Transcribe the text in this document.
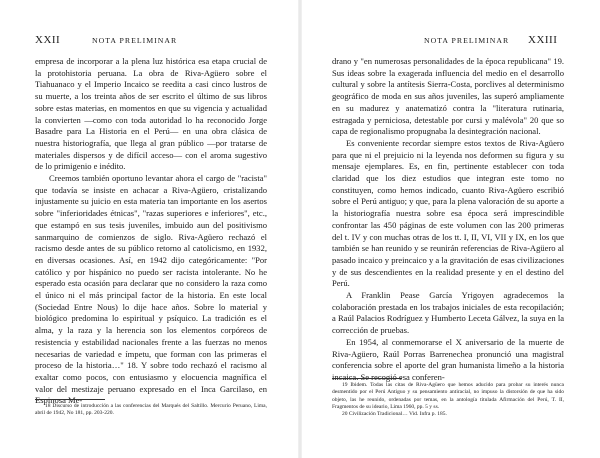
XXII	NOTA PRELIMINAR

empresa de incorporar a la plena luz histórica esa etapa crucial de la protohistoria peruana. La obra de Riva-Agüero sobre el Tiahuanaco y el Imperio Incaico se reedita a casi cinco lustros de su muerte, a los treinta años de ser escrito el último de sus libros sobre estas materias, en momentos en que su vigencia y actualidad la convierten —como con toda autoridad lo ha reconocido Jorge Basadre para La Historia en el Perú— en una obra clásica de nuestra historiografía, que llega al gran público —por tratarse de materiales dispersos y de difícil acceso— con el aroma sugestivo de lo primigenio e inédito.

Creemos también oportuno levantar ahora el cargo de "racista" que todavía se insiste en achacar a Riva-Agüero, cristalizando injustamente su juicio en esta materia tan importante en los asertos sobre "inferioridades étnicas", "razas superiores e inferiores", etc., que estampó en sus tesis juveniles, imbuido aun del positivismo sanmarquino de comienzos de siglo. Riva-Agüero rechazó el racismo desde antes de su público retorno al catolicismo, en 1932, en diversas ocasiones. Así, en 1942 dijo categóricamente: "Por católico y por hispánico no puedo ser racista intolerante. No he esperado esta ocasión para declarar que no considero la raza como el único ni el más principal factor de la historia. En este local (Sociedad Entre Nous) lo dije hace años. Sobre lo material y biológico predomina lo espiritual y psíquico. La tradición es el alma, y la raza y la herencia son los elementos corpóreos de resistencia y estabilidad nacionales frente a las fuerzas no menos necesarias de variedad e ímpetu, que forman con las primeras el proceso de la historia…" 18. Y sobre todo rechazó el racismo al exaltar como pocos, con entusiasmo y elocuencia magnífica el valor del mestizaje peruano expresado en el Inca Garcilaso, en Espinosa Me-

18 Discurso de introducción a las conferencias del Marqués del Saltillo. Mercurio Peruano, Lima, abril de 1942, No 181, pp. 203-220.

NOTA PRELIMINAR XXIII

drano y "en numerosas personalidades de la época republicana" 19. Sus ideas sobre la exagerada influencia del medio en el desarrollo cultural y sobre la antítesis Sierra-Costa, porclives al determinismo geográfico de moda en sus años juveniles, las superó ampliamente en su madurez y anatematizó contra la "literatura rutinaria, estragada y perniciosa, detestable por cursi y malévola" 20 que so capa de regionalismo propugnaba la desintegración nacional.

Es conveniente recordar siempre estos textos de Riva-Agüero para que ni el prejuicio ni la leyenda nos deformen su figura y su mensaje ejemplares. Es, en fin, pertinente establecer con toda claridad que los diez estudios que integran este tomo no constituyen, como hemos indicado, cuanto Riva-Agüero escribió sobre el Perú antiguo; y que, para la plena valoración de su aporte a la historiografía nuestra sobre esa época será imprescindible confrontar las 450 páginas de este volumen con las 200 primeras del t. IV y con muchas otras de los tt. I, II, VI, VII y IX, en los que también se han reunido y se reunirán referencias de Riva-Agüero al pasado incaico y preincaico y a la gravitación de esas civilizaciones y de sus descendientes en la realidad presente y en el destino del Perú.

A Franklin Pease García Yrigoyen agradecemos la colaboración prestada en los trabajos iniciales de esta recopilación; a Raúl Palacios Rodríguez y Humberto Leceta Gálvez, la suya en la corrección de pruebas.

En 1954, al conmemorarse el X aniversario de la muerte de Riva-Agüero, Raúl Porras Barrenechea pronunció una magistral conferencia sobre el aporte del gran humanista limeño a la historia incaica. Se recogió esa conferen-

19 Ibidem. Todas las citas de Riva-Agüero que hemos aducido para probar su interés nunca desmentido por el Perú Antiguo y su pensamiento antiracial, no impuso la distorsión de que ha sido objeto, las he reunido, ordenadas por temas, en la antología titulada Afirmación del Perú, T. II, Fragmentos de su ideario, Lima 1960, pp. 5 y ss.

20 Civilización Tradicional… Vid. Infra p. 185.
